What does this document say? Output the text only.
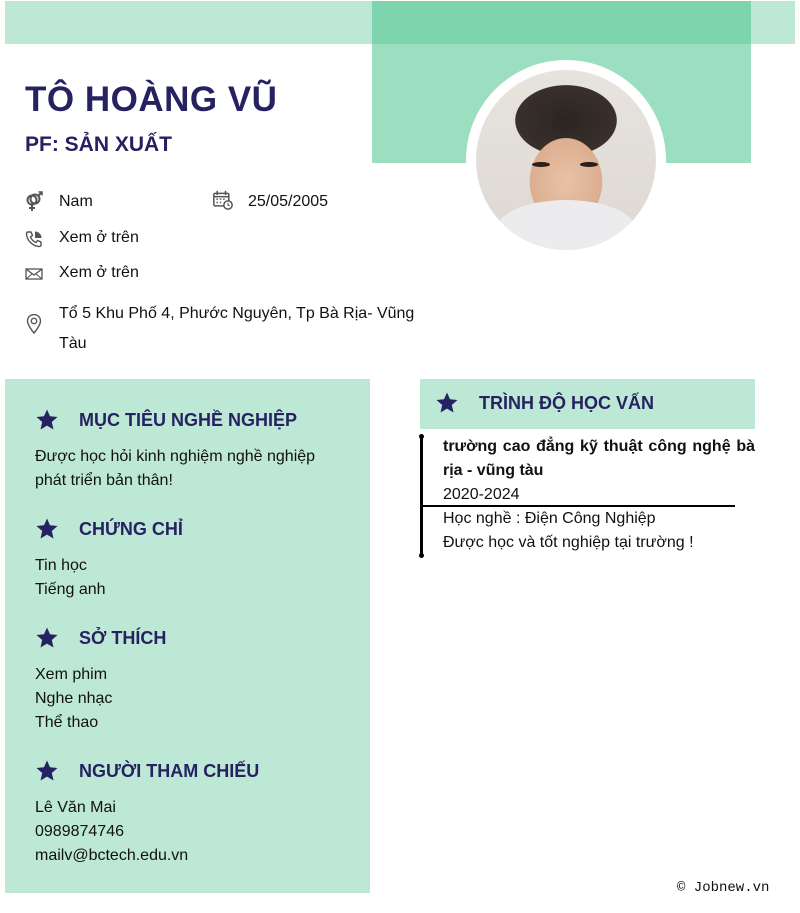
TÔ HOÀNG VŨ
PF: SẢN XUẤT
Nam	25/05/2005
Xem ở trên
Xem ở trên
Tổ 5 Khu Phố 4, Phước Nguyên, Tp Bà Rịa- Vũng
Tàu
MỤC TIÊU NGHỀ NGHIỆP
Được học hỏi kinh nghiệm nghề nghiệp
phát triển bản thân!
CHỨNG CHỈ
Tin học
Tiếng anh
SỞ THÍCH
Xem phim
Nghe nhạc
Thể thao
NGƯỜI THAM CHIẾU
Lê Văn Mai
0989874746
mailv@bctech.edu.vn
TRÌNH ĐỘ HỌC VẤN
trường cao đẳng kỹ thuật công nghệ bà rịa - vũng tàu
2020-2024
Học nghề : Điện Công Nghiệp
Được học và tốt nghiệp tại trường !
© Jobnew.vn
